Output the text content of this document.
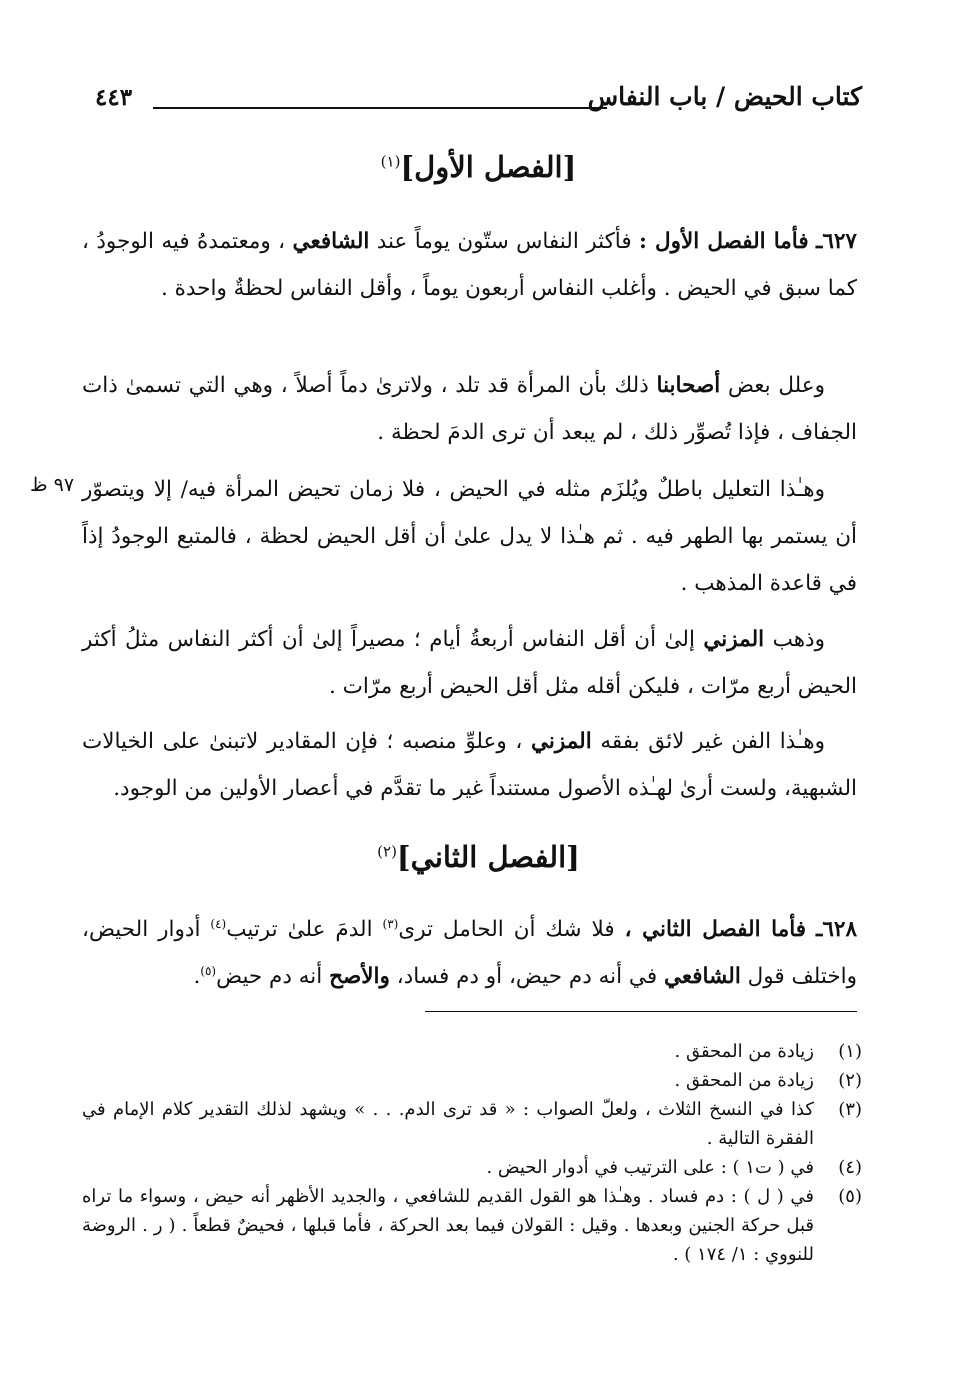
كتاب الحيض / باب النفاس
٤٤٣
[الفصل الأول]$^{(١)}$
٦٢٧ـ فأما الفصل الأول : فأكثر النفاس ستّون يوماً عند الشافعي ، ومعتمدهُ فيه الوجودُ ، كما سبق في الحيض . وأغلب النفاس أربعون يوماً ، وأقل النفاس لحظةٌ واحدة .
وعلل بعض أصحابنا ذلك بأن المرأة قد تلد ، ولاترىٰ دماً أصلاً ، وهي التي تسمىٰ ذات الجفاف ، فإذا تُصوِّر ذلك ، لم يبعد أن ترى الدمَ لحظة .
٩٧ ظ وهـٰذا التعليل باطلٌ ويُلزَم مثله في الحيض ، فلا زمان تحيض المرأة فيه/ إلا ويتصوّر أن يستمر بها الطهر فيه . ثم هـٰذا لا يدل علىٰ أن أقل الحيض لحظة ، فالمتبع الوجودُ إذاً في قاعدة المذهب .
وذهب المزني إلىٰ أن أقل النفاس أربعةُ أيام ؛ مصيراً إلىٰ أن أكثر النفاس مثلُ أكثر الحيض أربع مرّات ، فليكن أقله مثل أقل الحيض أربع مرّات .
وهـٰذا الفن غير لائق بفقه المزني ، وعلوِّ منصبه ؛ فإن المقادير لاتبنىٰ على الخيالات الشبهية، ولست أرىٰ لهـٰذه الأصول مستنداً غير ما تقدَّم في أعصار الأولين من الوجود.
[الفصل الثاني]$^{(٢)}$
٦٢٨ـ فأما الفصل الثاني ، فلا شك أن الحامل ترى$^{(٣)}$ الدمَ علىٰ ترتيب$^{(٤)}$ أدوار الحيض، واختلف قول الشافعي في أنه دم حيض، أو دم فساد، والأصح أنه دم حيض$^{(٥)}$.
(١)
زيادة من المحقق .
(٢)
زيادة من المحقق .
(٣)
كذا في النسخ الثلاث ، ولعلّ الصواب : « قد ترى الدم. . . » ويشهد لذلك التقدير كلام الإمام في الفقرة التالية .
(٤)
في ( ت١ ) : على الترتيب في أدوار الحيض .
(٥)
في ( ل ) : دم فساد . وهـٰذا هو القول القديم للشافعي ، والجديد الأظهر أنه حيض ، وسواء ما تراه قبل حركة الجنين وبعدها . وقيل : القولان فيما بعد الحركة ، فأما قبلها ، فحيضٌ قطعاً . ( ر . الروضة للنووي : ١/ ١٧٤ ) .
